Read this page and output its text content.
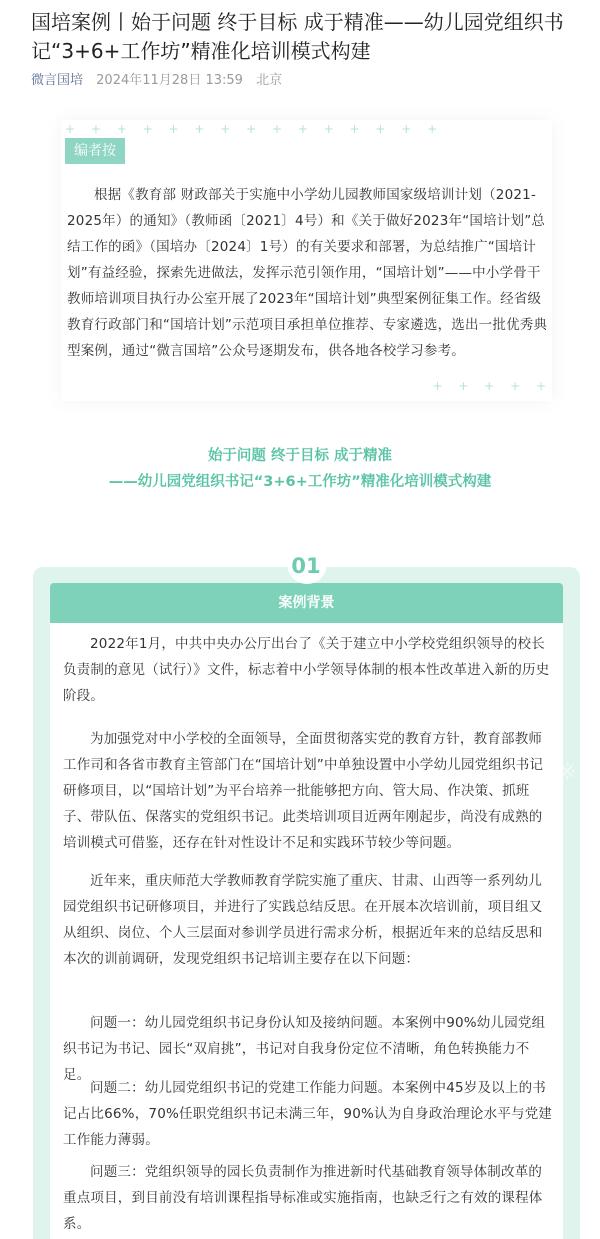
国培案例丨始于问题 终于目标 成于精准——幼儿园党组织书记“3+6+工作坊”精准化培训模式构建
微言国培 2024年11月28日 13:59 北京
+ + + + + + + + + + + + + + +
编者按

根据《教育部 财政部关于实施中小学幼儿园教师国家级培训计划（2021-2025年）的通知》（教师函〔2021〕4号）和《关于做好2023年“国培计划”总结工作的函》（国培办〔2024〕1号）的有关要求和部署，为总结推广“国培计划”有益经验，探索先进做法，发挥示范引领作用，“国培计划”——中小学骨干教师培训项目执行办公室开展了2023年“国培计划”典型案例征集工作。经省级教育行政部门和“国培计划”示范项目承担单位推荐、专家遴选，选出一批优秀典型案例，通过“微言国培”公众号逐期发布，供各地各校学习参考。

+ + + + +
始于问题 终于目标 成于精准
——幼儿园党组织书记“3+6+工作坊”精准化培训模式构建
01
案例背景

2022年1月，中共中央办公厅出台了《关于建立中小学校党组织领导的校长负责制的意见（试行）》文件，标志着中小学领导体制的根本性改革进入新的历史阶段。

为加强党对中小学校的全面领导，全面贯彻落实党的教育方针，教育部教师工作司和各省市教育主管部门在“国培计划”中单独设置中小学幼儿园党组织书记研修项目，以“国培计划”为平台培养一批能够把方向、管大局、作决策、抓班子、带队伍、保落实的党组织书记。此类培训项目近两年刚起步，尚没有成熟的培训模式可借鉴，还存在针对性设计不足和实践环节较少等问题。

近年来，重庆师范大学教师教育学院实施了重庆、甘肃、山西等一系列幼儿园党组织书记研修项目，并进行了实践总结反思。在开展本次培训前，项目组又从组织、岗位、个人三层面对参训学员进行需求分析，根据近年来的总结反思和本次的训前调研，发现党组织书记培训主要存在以下问题：

问题一：幼儿园党组织书记身份认知及接纳问题。本案例中90%幼儿园党组织书记为书记、园长“双肩挑”，书记对自我身份定位不清晰，角色转换能力不足。

问题二：幼儿园党组织书记的党建工作能力问题。本案例中45岁及以上的书记占比66%，70%任职党组织书记未满三年，90%认为自身政治理论水平与党建工作能力薄弱。

问题三：党组织领导的园长负责制作为推进新时代基础教育领导体制改革的重点项目，到目前没有培训课程指导标准或实施指南，也缺乏行之有效的课程体系。

※
